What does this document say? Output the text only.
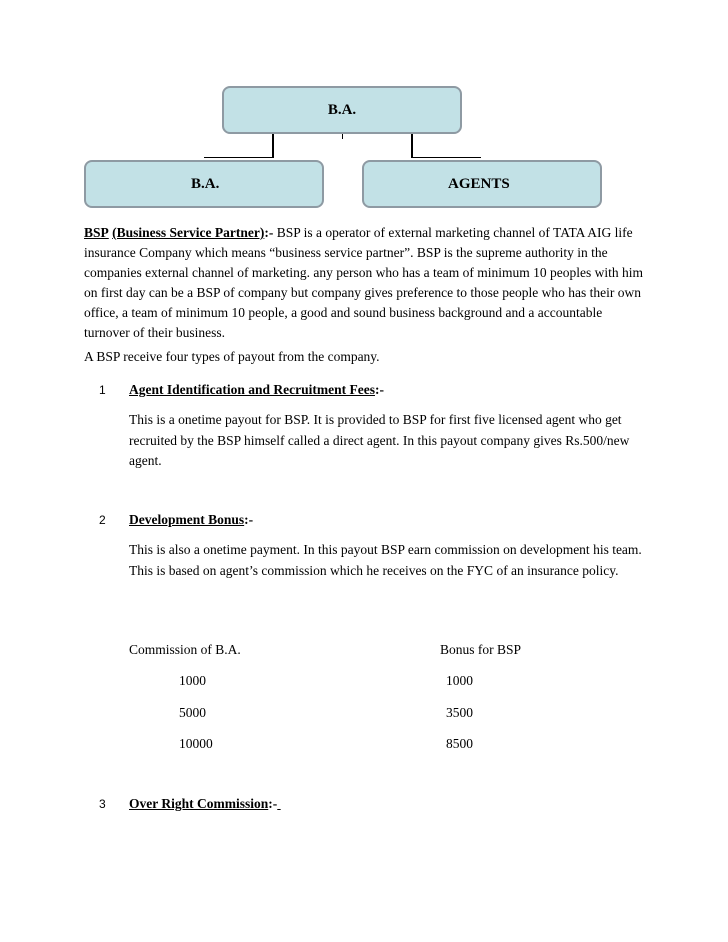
B.A.
B.A.	AGENTS
BSP (Business Service Partner):- BSP is a operator of external marketing channel of TATA AIG life insurance Company which means “business service partner”. BSP is the supreme authority in the companies external channel of marketing. any person who has a team of minimum 10 peoples with him on first day can be a BSP of company but company gives preference to those people who has their own office, a team of minimum 10 people, a good and sound business background and a accountable turnover of their business.
A BSP receive four types of payout from the company.
1 Agent Identification and Recruitment Fees:-
This is a onetime payout for BSP. It is provided to BSP for first five licensed agent who get recruited by the BSP himself called a direct agent. In this payout company gives Rs.500/new agent.
2 Development Bonus:-
This is also a onetime payment. In this payout BSP earn commission on development his team. This is based on agent’s commission which he receives on the FYC of an insurance policy.
Commission of B.A.	Bonus for BSP
1000	1000
5000	3500
10000	8500
3 Over Right Commission:-
